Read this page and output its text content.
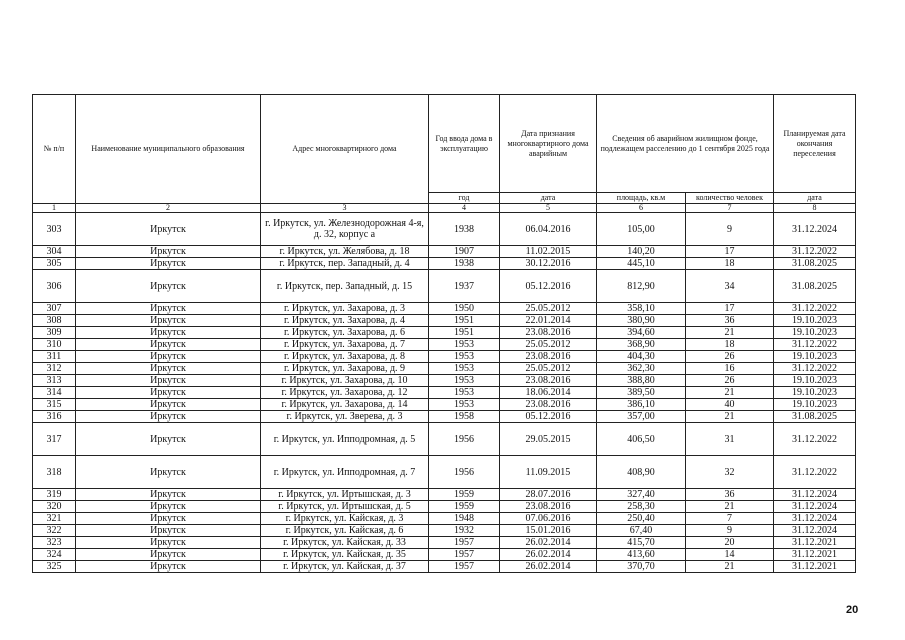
№ п/п	Наименование муниципального образования	Адрес многоквартирного дома	Год ввода дома в эксплуатацию	Дата признания многоквартирного дома аварийным	Сведения об аварийном жилищном фонде, подлежащем расселению до 1 сентября 2025 года		Планируемая дата окончания переселения
			год	дата	площадь, кв.м	количество человек	дата
1	2	3	4	5	6	7	8
303	Иркутск	г. Иркутск, ул. Железнодорожная 4-я, д. 32, корпус а	1938	06.04.2016	105,00	9	31.12.2024
304	Иркутск	г. Иркутск, ул. Желябова, д. 18	1907	11.02.2015	140,20	17	31.12.2022
305	Иркутск	г. Иркутск, пер. Западный, д. 4	1938	30.12.2016	445,10	18	31.08.2025
306	Иркутск	г. Иркутск, пер. Западный, д. 15	1937	05.12.2016	812,90	34	31.08.2025
307	Иркутск	г. Иркутск, ул. Захарова, д. 3	1950	25.05.2012	358,10	17	31.12.2022
308	Иркутск	г. Иркутск, ул. Захарова, д. 4	1951	22.01.2014	380,90	36	19.10.2023
309	Иркутск	г. Иркутск, ул. Захарова, д. 6	1951	23.08.2016	394,60	21	19.10.2023
310	Иркутск	г. Иркутск, ул. Захарова, д. 7	1953	25.05.2012	368,90	18	31.12.2022
311	Иркутск	г. Иркутск, ул. Захарова, д. 8	1953	23.08.2016	404,30	26	19.10.2023
312	Иркутск	г. Иркутск, ул. Захарова, д. 9	1953	25.05.2012	362,30	16	31.12.2022
313	Иркутск	г. Иркутск, ул. Захарова, д. 10	1953	23.08.2016	388,80	26	19.10.2023
314	Иркутск	г. Иркутск, ул. Захарова, д. 12	1953	18.06.2014	389,50	21	19.10.2023
315	Иркутск	г. Иркутск, ул. Захарова, д. 14	1953	23.08.2016	386,10	40	19.10.2023
316	Иркутск	г. Иркутск, ул. Зверева, д. 3	1958	05.12.2016	357,00	21	31.08.2025
317	Иркутск	г. Иркутск, ул. Ипподромная, д. 5	1956	29.05.2015	406,50	31	31.12.2022
318	Иркутск	г. Иркутск, ул. Ипподромная, д. 7	1956	11.09.2015	408,90	32	31.12.2022
319	Иркутск	г. Иркутск, ул. Иртышская, д. 3	1959	28.07.2016	327,40	36	31.12.2024
320	Иркутск	г. Иркутск, ул. Иртышская, д. 5	1959	23.08.2016	258,30	21	31.12.2024
321	Иркутск	г. Иркутск, ул. Кайская, д. 3	1948	07.06.2016	250,40	7	31.12.2024
322	Иркутск	г. Иркутск, ул. Кайская, д. 6	1932	15.01.2016	67,40	9	31.12.2024
323	Иркутск	г. Иркутск, ул. Кайская, д. 33	1957	26.02.2014	415,70	20	31.12.2021
324	Иркутск	г. Иркутск, ул. Кайская, д. 35	1957	26.02.2014	413,60	14	31.12.2021
325	Иркутск	г. Иркутск, ул. Кайская, д. 37	1957	26.02.2014	370,70	21	31.12.2021
20
